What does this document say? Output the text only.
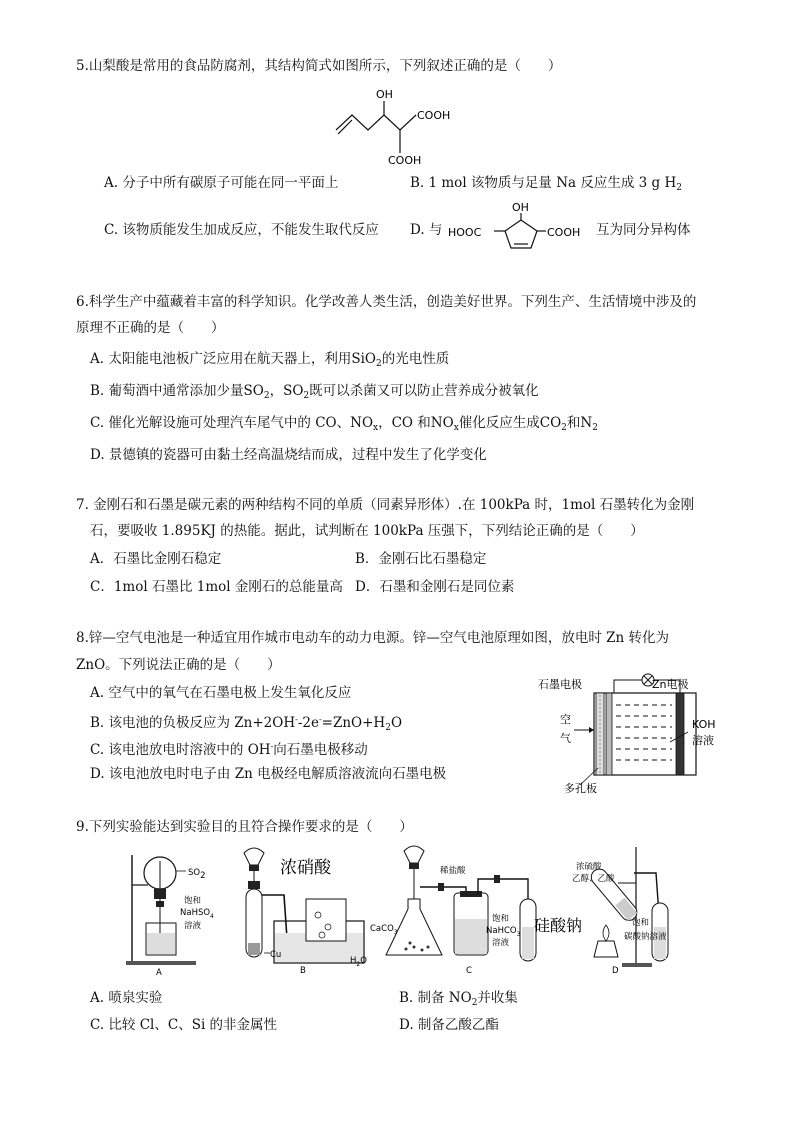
5.山梨酸是常用的食品防腐剂，其结构简式如图所示，下列叙述正确的是（　　）
OH
COOH
COOH
A. 分子中所有碳原子可能在同一平面上	B. 1 mol 该物质与足量 Na 反应生成 3 g $H_2$
C. 该物质能发生加成反应，不能发生取代反应 D. 与
OH
HOOC	COOH 互为同分异构体
6.科学生产中蕴藏着丰富的科学知识。化学改善人类生活，创造美好世界。下列生产、生活情境中涉及的
原理不正确的是（　　）
A. 太阳能电池板广泛应用在航天器上，利用SiO$_2$的光电性质
B. 葡萄酒中通常添加少量$SO_2$，$SO_2$既可以杀菌又可以防止营养成分被氧化
C. 催化光解设施可处理汽车尾气中的 CO、$NO_x$，CO 和$NO_x$催化反应生成$CO_2$和$N_2$
D. 景德镇的瓷器可由黏土经高温烧结而成，过程中发生了化学变化
7. 金刚石和石墨是碳元素的两种结构不同的单质（同素异形体）.在 100kPa 时，1mol 石墨转化为金刚
石，要吸收 1.895KJ 的热能。据此，试判断在 100kPa 压强下，下列结论正确的是（　　）
A．石墨比金刚石稳定	B．金刚石比石墨稳定
C．1mol 石墨比 1mol 金刚石的总能量高 D．石墨和金刚石是同位素
8.锌—空气电池是一种适宜用作城市电动车的动力电源。锌—空气电池原理如图，放电时 Zn 转化为
ZnO。下列说法正确的是（　　）
A. 空气中的氧气在石墨电极上发生氧化反应
B. 该电池的负极反应为 $Zn+2OH^--2e^-=ZnO+H_2O$
C. 该电池放电时溶液中的 OH-向石墨电极移动
D. 该电池放电时电子由 Zn 电极经电解质溶液流向石墨电极
石墨电极	Zn电极
空
气
KOH
溶液
多孔板
9.下列实验能达到实验目的且符合操作要求的是（　　）
SO2
饱和
NaHSO$_4$
溶液
A
浓硝酸
Cu
$H_2O$
B
稀盐酸
CaCO$_3$
饱和
NaHCO$_3$
溶液
硅酸钠
C
浓硫酸
乙醇、乙酸
饱和
碳酸钠溶液
D
A. 喷泉实验	B. 制备 $NO_2$并收集
C. 比较 Cl、C、Si 的非金属性	D. 制备乙酸乙酯
